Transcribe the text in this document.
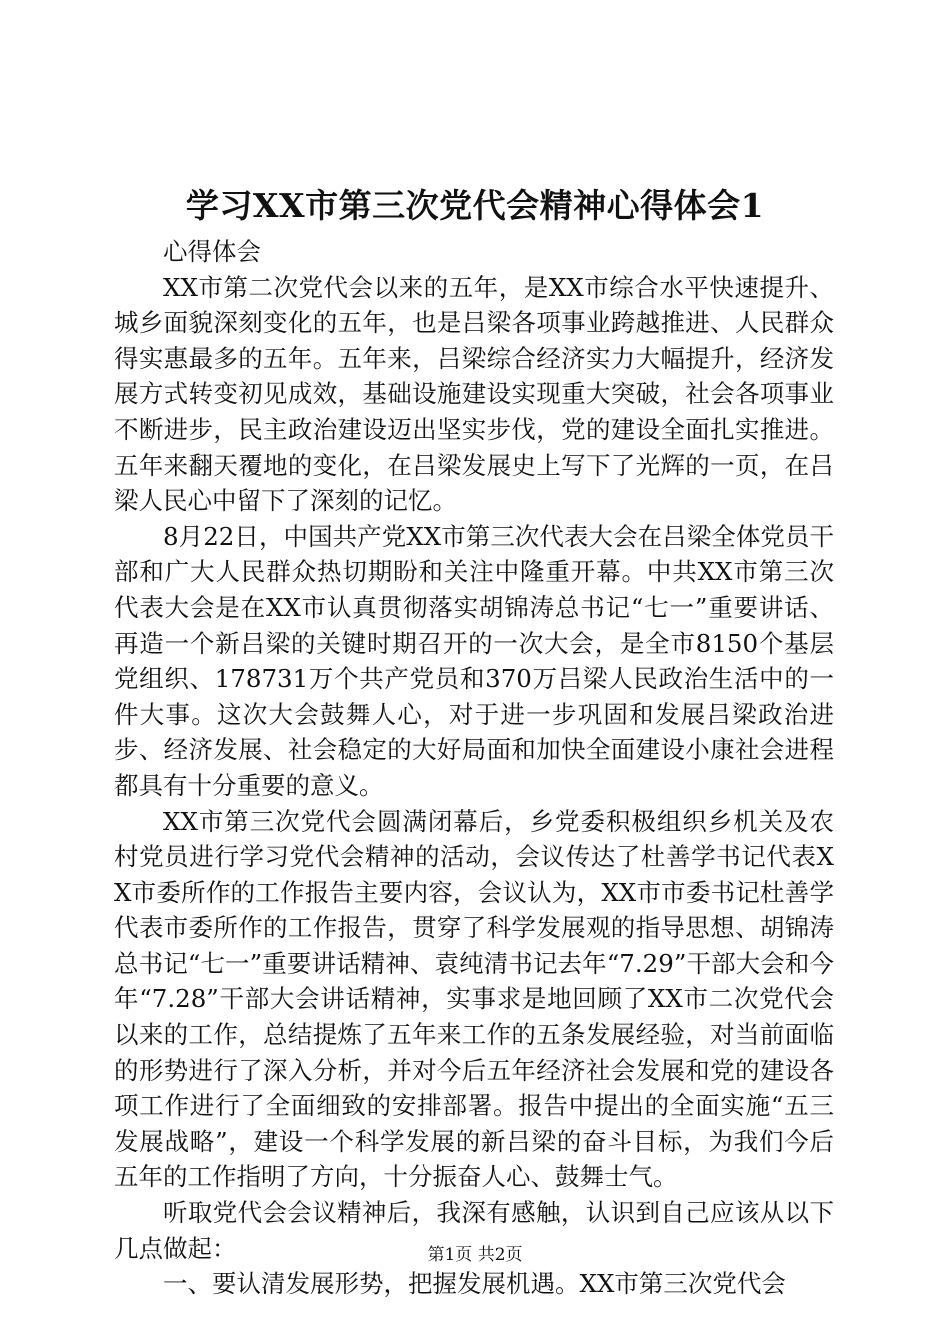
学习XX市第三次党代会精神心得体会1

心得体会

XX市第二次党代会以来的五年，是XX市综合水平快速提升、城乡面貌深刻变化的五年，也是吕梁各项事业跨越推进、人民群众得实惠最多的五年。五年来，吕梁综合经济实力大幅提升，经济发展方式转变初见成效，基础设施建设实现重大突破，社会各项事业不断进步，民主政治建设迈出坚实步伐，党的建设全面扎实推进。五年来翻天覆地的变化，在吕梁发展史上写下了光辉的一页，在吕梁人民心中留下了深刻的记忆。

8月22日，中国共产党XX市第三次代表大会在吕梁全体党员干部和广大人民群众热切期盼和关注中隆重开幕。中共XX市第三次代表大会是在XX市认真贯彻落实胡锦涛总书记“七一”重要讲话、再造一个新吕梁的关键时期召开的一次大会，是全市8150个基层党组织、178731万个共产党员和370万吕梁人民政治生活中的一件大事。这次大会鼓舞人心，对于进一步巩固和发展吕梁政治进步、经济发展、社会稳定的大好局面和加快全面建设小康社会进程都具有十分重要的意义。

XX市第三次党代会圆满闭幕后，乡党委积极组织乡机关及农村党员进行学习党代会精神的活动，会议传达了杜善学书记代表XX市委所作的工作报告主要内容，会议认为，XX市市委书记杜善学代表市委所作的工作报告，贯穿了科学发展观的指导思想、胡锦涛总书记“七一”重要讲话精神、袁纯清书记去年“7.29”干部大会和今年“7.28”干部大会讲话精神，实事求是地回顾了XX市二次党代会以来的工作，总结提炼了五年来工作的五条发展经验，对当前面临的形势进行了深入分析，并对今后五年经济社会发展和党的建设各项工作进行了全面细致的安排部署。报告中提出的全面实施“五三发展战略”，建设一个科学发展的新吕梁的奋斗目标，为我们今后五年的工作指明了方向，十分振奋人心、鼓舞士气。

听取党代会会议精神后，我深有感触，认识到自己应该从以下几点做起：

一、要认清发展形势，把握发展机遇。XX市第三次党代会

第1页 共2页
